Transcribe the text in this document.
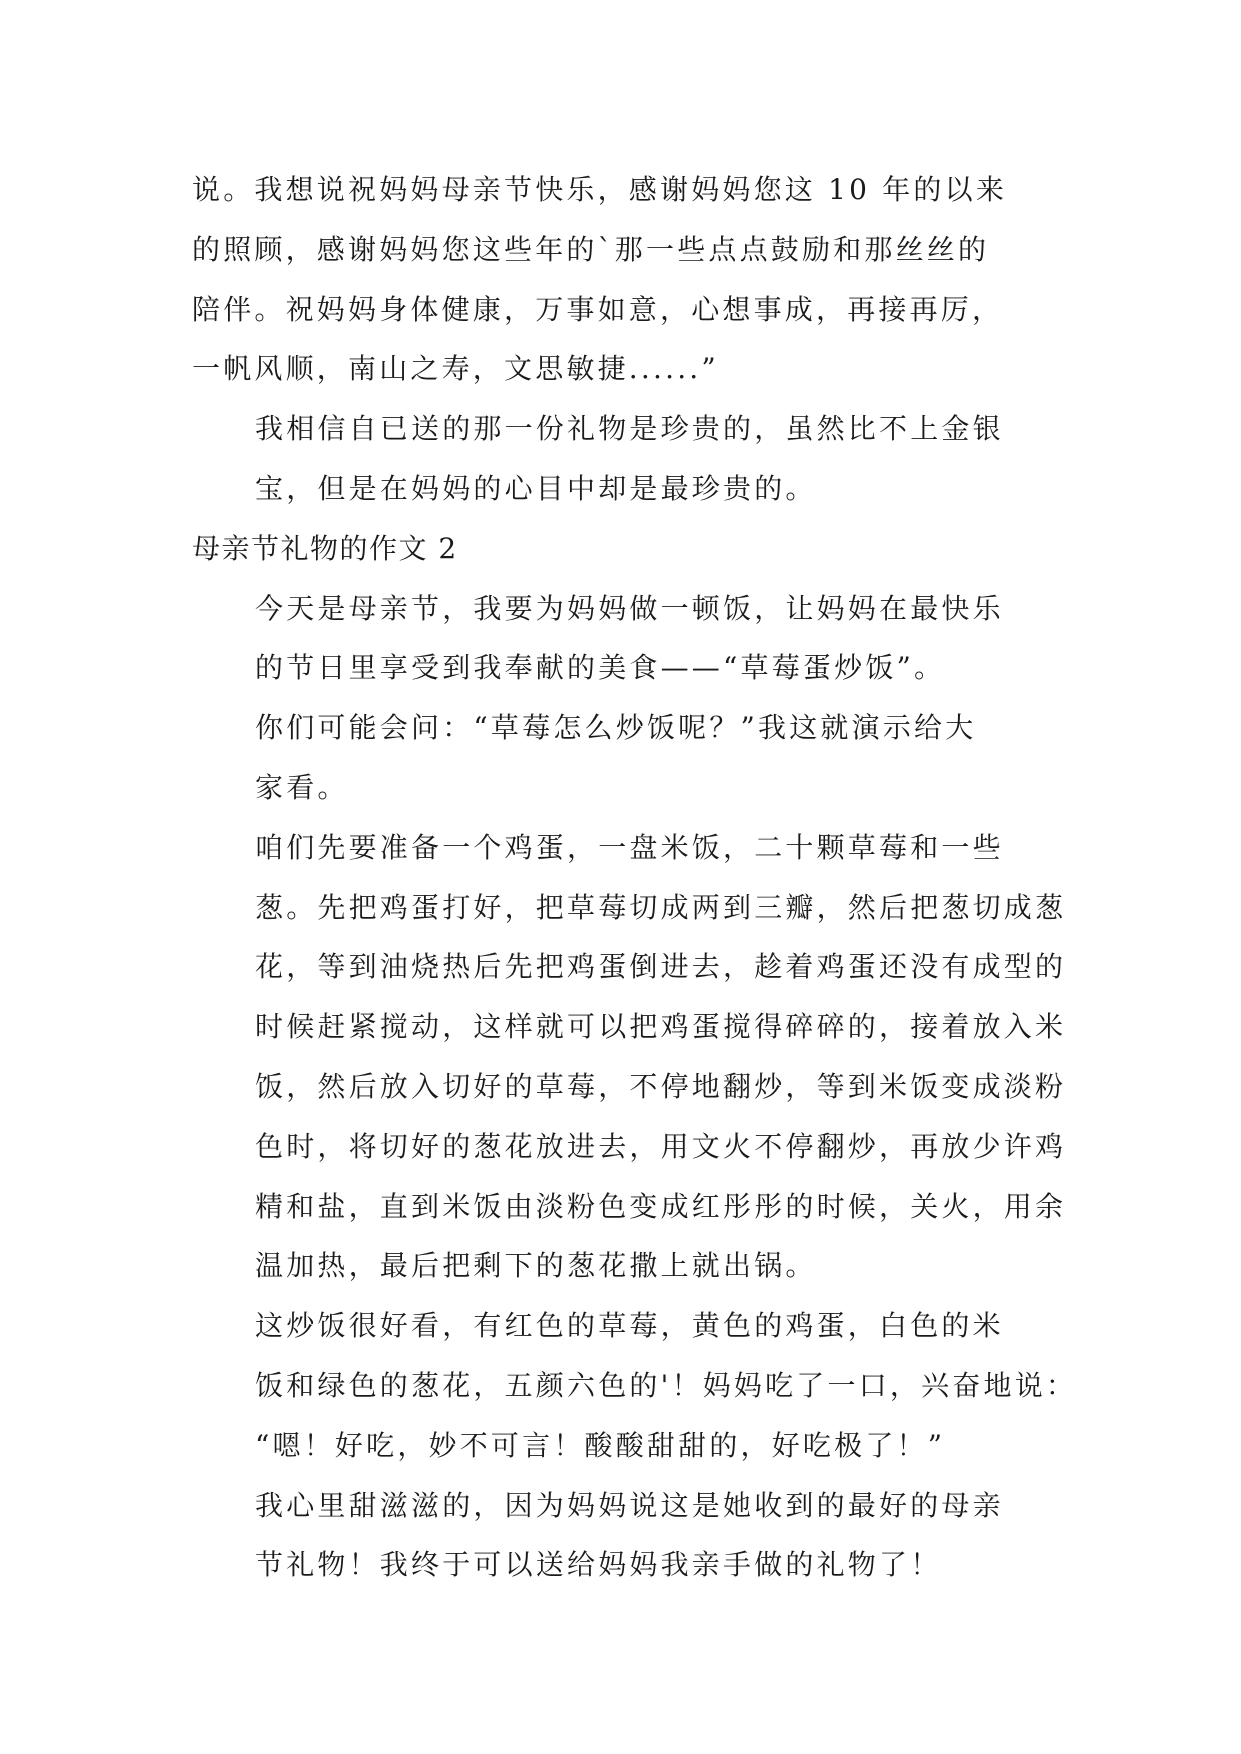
说。我想说祝妈妈母亲节快乐，感谢妈妈您这 10 年的以来
的照顾，感谢妈妈您这些年的`那一些点点鼓励和那丝丝的
陪伴。祝妈妈身体健康，万事如意，心想事成，再接再厉，
一帆风顺，南山之寿，文思敏捷......”

我相信自已送的那一份礼物是珍贵的，虽然比不上金银
宝，但是在妈妈的心目中却是最珍贵的。

母亲节礼物的作文 2

今天是母亲节，我要为妈妈做一顿饭，让妈妈在最快乐
的节日里享受到我奉献的美食——“草莓蛋炒饭”。

你们可能会问：“草莓怎么炒饭呢？”我这就演示给大
家看。

咱们先要准备一个鸡蛋，一盘米饭，二十颗草莓和一些
葱。先把鸡蛋打好，把草莓切成两到三瓣，然后把葱切成葱
花，等到油烧热后先把鸡蛋倒进去，趁着鸡蛋还没有成型的
时候赶紧搅动，这样就可以把鸡蛋搅得碎碎的，接着放入米
饭，然后放入切好的草莓，不停地翻炒，等到米饭变成淡粉
色时，将切好的葱花放进去，用文火不停翻炒，再放少许鸡
精和盐，直到米饭由淡粉色变成红彤彤的时候，关火，用余
温加热，最后把剩下的葱花撒上就出锅。

这炒饭很好看，有红色的草莓，黄色的鸡蛋，白色的米
饭和绿色的葱花，五颜六色的'！妈妈吃了一口，兴奋地说：
“嗯！好吃，妙不可言！酸酸甜甜的，好吃极了！”

我心里甜滋滋的，因为妈妈说这是她收到的最好的母亲
节礼物！我终于可以送给妈妈我亲手做的礼物了！
